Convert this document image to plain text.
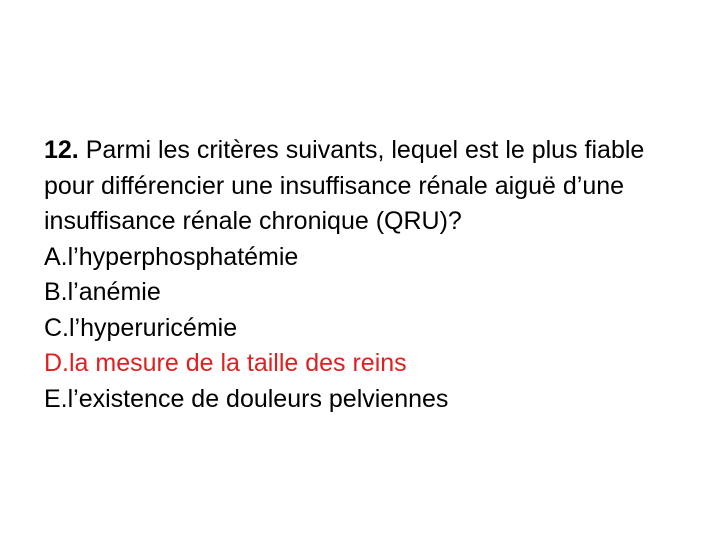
12. Parmi les critères suivants, lequel est le plus fiable pour différencier une insuffisance rénale aiguë d’une insuffisance rénale chronique (QRU)?

A.l’hyperphosphatémie

B.l’anémie

C.l’hyperuricémie

D.la mesure de la taille des reins

E.l’existence de douleurs pelviennes
